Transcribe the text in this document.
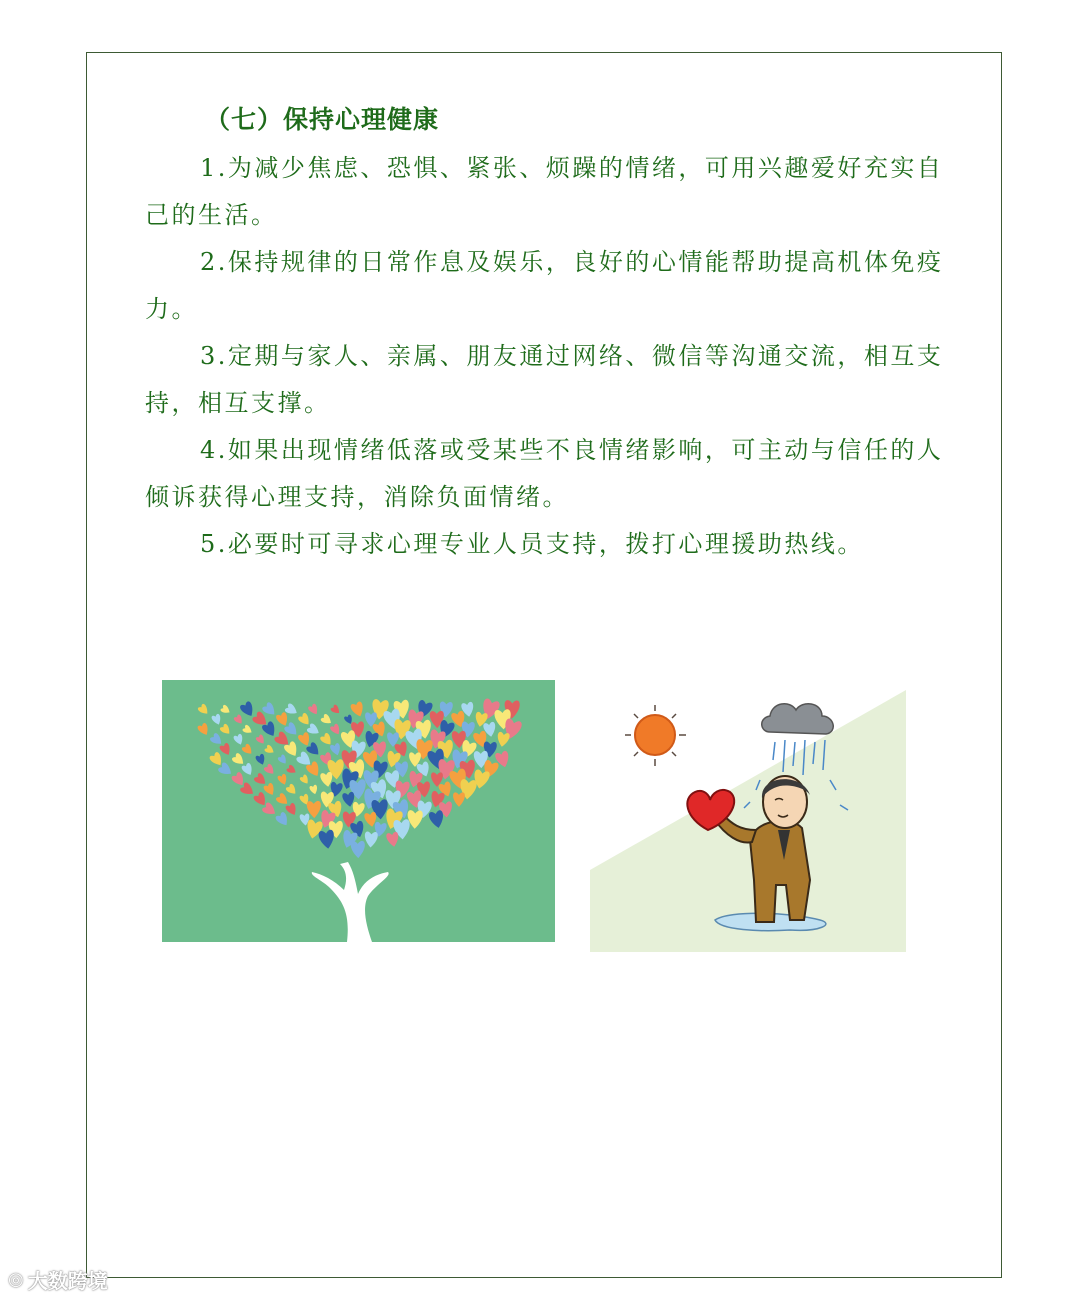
（七）保持心理健康

1.为减少焦虑、恐惧、紧张、烦躁的情绪，可用兴趣爱好充实自己的生活。

2.保持规律的日常作息及娱乐，良好的心情能帮助提高机体免疫力。

3.定期与家人、亲属、朋友通过网络、微信等沟通交流，相互支持，相互支撑。

4.如果出现情绪低落或受某些不良情绪影响，可主动与信任的人倾诉获得心理支持，消除负面情绪。

5.必要时可寻求心理专业人员支持，拨打心理援助热线。

◎ 大数跨境
